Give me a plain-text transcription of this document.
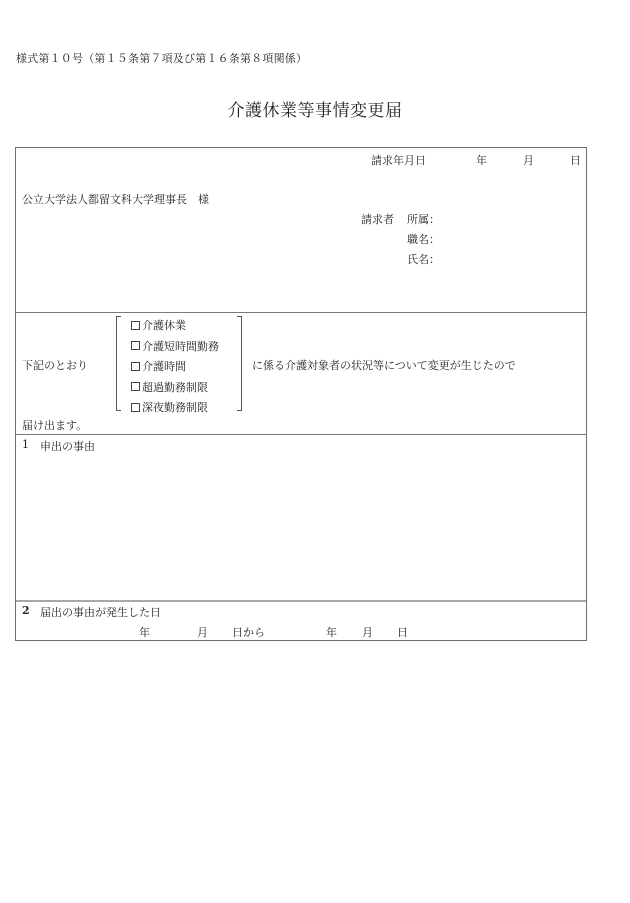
様式第１０号（第１５条第７項及び第１６条第８項関係）
介護休業等事情変更届
請求年月日	年	月	日
公立大学法人都留文科大学理事長　様
請求者 所属：
職名：
氏名：
下記のとおり
介護休業
介護短時間勤務
介護時間
超過勤務制限
深夜勤務制限
に係る介護対象者の状況等について変更が生じたので
届け出ます。
1 申出の事由
2 届出の事由が発生した日
年	月 日から	年 月 日
